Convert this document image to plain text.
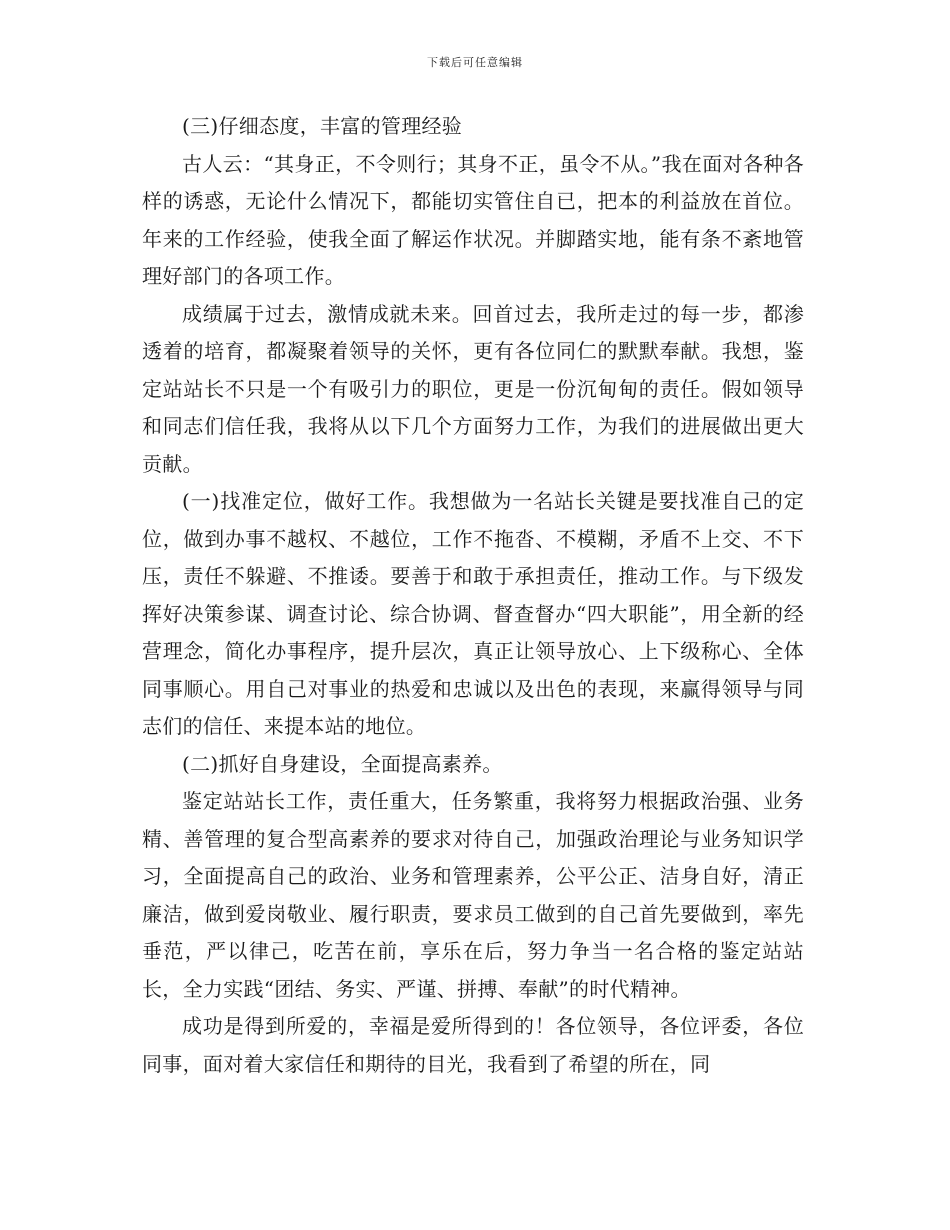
下载后可任意编辑

(三)仔细态度，丰富的管理经验

古人云：“其身正，不令则行；其身不正，虽令不从。”我在面对各种各样的诱惑，无论什么情况下，都能切实管住自已，把本的利益放在首位。年来的工作经验，使我全面了解运作状况。并脚踏实地，能有条不紊地管理好部门的各项工作。

成绩属于过去，激情成就未来。回首过去，我所走过的每一步，都渗透着的培育，都凝聚着领导的关怀，更有各位同仁的默默奉献。我想，鉴定站站长不只是一个有吸引力的职位，更是一份沉甸甸的责任。假如领导和同志们信任我，我将从以下几个方面努力工作，为我们的进展做出更大贡献。

(一)找准定位，做好工作。我想做为一名站长关键是要找准自己的定位，做到办事不越权、不越位，工作不拖沓、不模糊，矛盾不上交、不下压，责任不躲避、不推诿。要善于和敢于承担责任，推动工作。与下级发挥好决策参谋、调查讨论、综合协调、督查督办“四大职能”，用全新的经营理念，简化办事程序，提升层次，真正让领导放心、上下级称心、全体同事顺心。用自己对事业的热爱和忠诚以及出色的表现，来赢得领导与同志们的信任、来提本站的地位。

(二)抓好自身建设，全面提高素养。

鉴定站站长工作，责任重大，任务繁重，我将努力根据政治强、业务精、善管理的复合型高素养的要求对待自己，加强政治理论与业务知识学习，全面提高自己的政治、业务和管理素养，公平公正、洁身自好，清正廉洁，做到爱岗敬业、履行职责，要求员工做到的自己首先要做到，率先垂范，严以律己，吃苦在前，享乐在后，努力争当一名合格的鉴定站站长，全力实践“团结、务实、严谨、拼搏、奉献”的时代精神。

成功是得到所爱的，幸福是爱所得到的！各位领导，各位评委，各位同事，面对着大家信任和期待的目光，我看到了希望的所在，同
